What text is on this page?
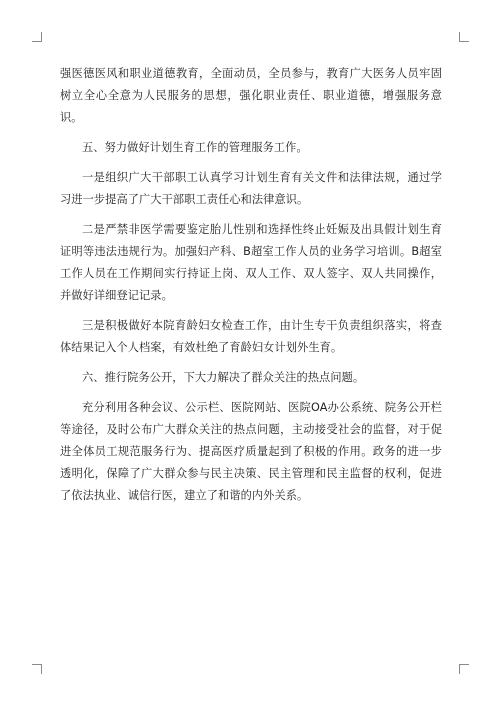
强医德医风和职业道德教育，全面动员，全员参与，教育广大医务人员牢固树立全心全意为人民服务的思想，强化职业责任、职业道德，增强服务意识。

五、努力做好计划生育工作的管理服务工作。

一是组织广大干部职工认真学习计划生育有关文件和法律法规，通过学习进一步提高了广大干部职工责任心和法律意识。

二是严禁非医学需要鉴定胎儿性别和选择性终止妊娠及出具假计划生育证明等违法违规行为。加强妇产科、B超室工作人员的业务学习培训。B超室工作人员在工作期间实行持证上岗、双人工作、双人签字、双人共同操作，并做好详细登记记录。

三是积极做好本院育龄妇女检查工作，由计生专干负责组织落实，将查体结果记入个人档案，有效杜绝了育龄妇女计划外生育。

六、推行院务公开，下大力解决了群众关注的热点问题。

充分利用各种会议、公示栏、医院网站、医院OA办公系统、院务公开栏等途径，及时公布广大群众关注的热点问题，主动接受社会的监督，对于促进全体员工规范服务行为、提高医疗质量起到了积极的作用。政务的进一步透明化，保障了广大群众参与民主决策、民主管理和民主监督的权利，促进了依法执业、诚信行医，建立了和谐的内外关系。
